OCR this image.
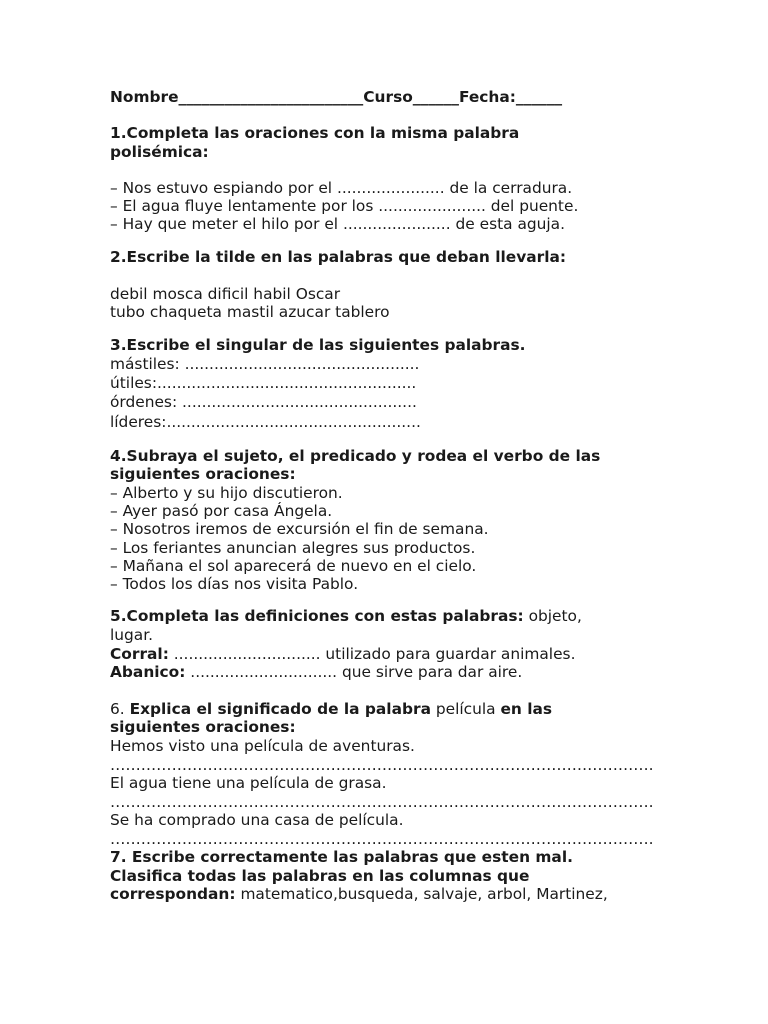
Nombre________________________Curso______Fecha:______
1.Completa las oraciones con la misma palabra
polisémica:
– Nos estuvo espiando por el ...................... de la cerradura.
– El agua fluye lentamente por los ...................... del puente.
– Hay que meter el hilo por el ...................... de esta aguja.
2.Escribe la tilde en las palabras que deban llevarla:
debil mosca dificil habil Oscar
tubo chaqueta mastil azucar tablero
3.Escribe el singular de las siguientes palabras.
mástiles: ................................................
útiles:.....................................................
órdenes: ................................................
líderes:....................................................
4.Subraya el sujeto, el predicado y rodea el verbo de las
siguientes oraciones:
– Alberto y su hijo discutieron.
– Ayer pasó por casa Ángela.
– Nosotros iremos de excursión el fin de semana.
– Los feriantes anuncian alegres sus productos.
– Mañana el sol aparecerá de nuevo en el cielo.
– Todos los días nos visita Pablo.
5.Completa las definiciones con estas palabras: objeto,
lugar.
Corral: .............................. utilizado para guardar animales.
Abanico: .............................. que sirve para dar aire.
6. Explica el significado de la palabra película en las
siguientes oraciones:
Hemos visto una película de aventuras.
…………………………………………………………………………………………….
El agua tiene una película de grasa.
…………………………………………………………………………………………….
Se ha comprado una casa de película.
…………………………………………………………………………………………….
7. Escribe correctamente las palabras que esten mal.
Clasifica todas las palabras en las columnas que
correspondan: matematico,busqueda, salvaje, arbol, Martinez,
